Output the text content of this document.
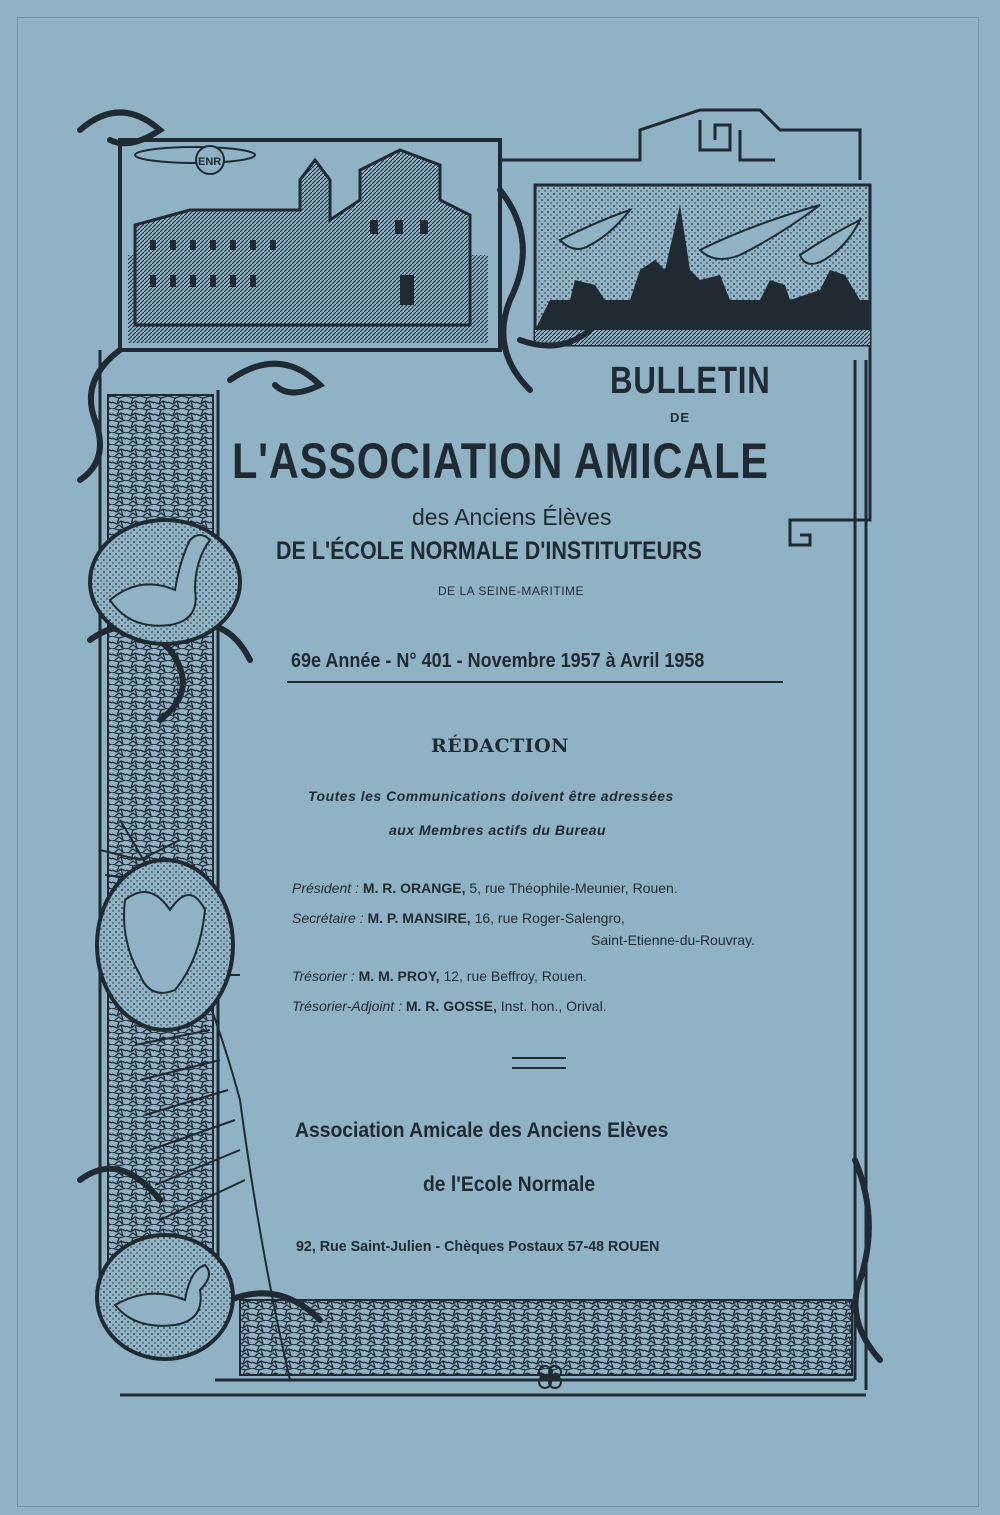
ENR

BULLETIN

DE

L'ASSOCIATION AMICALE

des Anciens Élèves

DE L'ÉCOLE NORMALE D'INSTITUTEURS

DE LA SEINE-MARITIME

69e Année - N° 401 - Novembre 1957 à Avril 1958

RÉDACTION

Toutes les Communications doivent être adressées

aux Membres actifs du Bureau

Président : M. R. ORANGE, 5, rue Théophile-Meunier, Rouen.

Secrétaire : M. P. MANSIRE, 16, rue Roger-Salengro,

Saint-Etienne-du-Rouvray.

Trésorier : M. M. PROY, 12, rue Beffroy, Rouen.

Trésorier-Adjoint : M. R. GOSSE, Inst. hon., Orival.

Association Amicale des Anciens Elèves

de l'Ecole Normale

92, Rue Saint-Julien - Chèques Postaux 57-48 ROUEN
